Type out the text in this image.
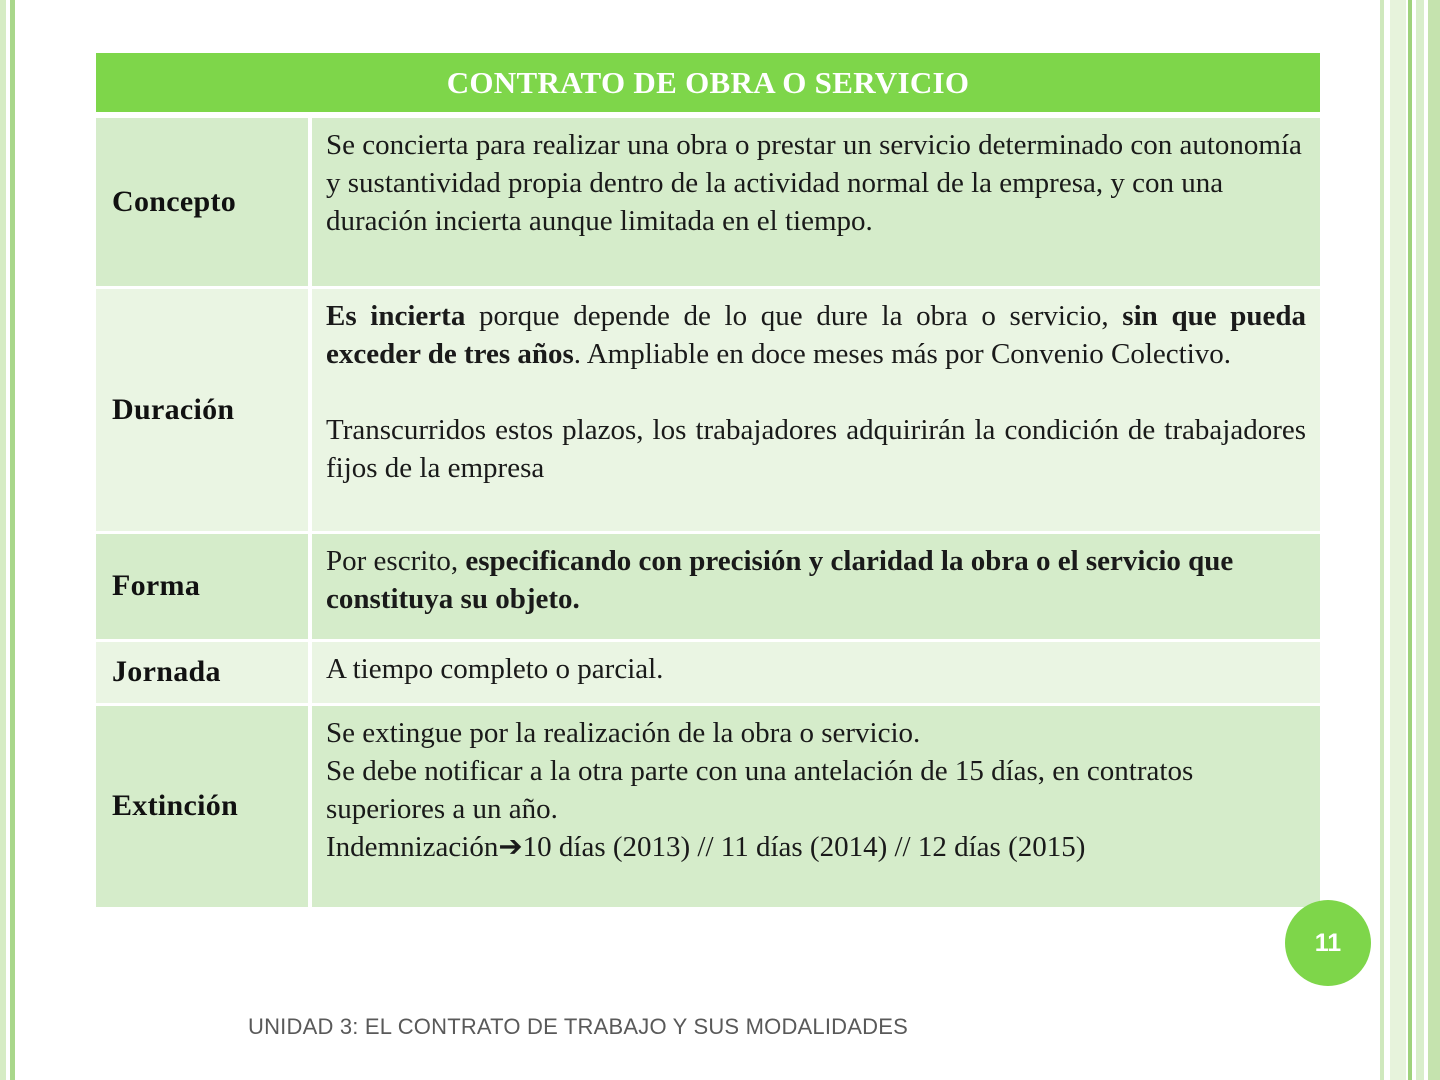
CONTRATO DE OBRA O SERVICIO	
Concepto	Se concierta para realizar una obra o prestar un servicio determinado con autonomía y sustantividad propia dentro de la actividad normal de la empresa, y con una duración incierta aunque limitada en el tiempo.

Duración	Es incierta porque depende de lo que dure la obra o servicio, sin que pueda exceder de tres años. Ampliable en doce meses más por Convenio Colectivo.

Transcurridos estos plazos, los trabajadores adquirirán la condición de trabajadores fijos de la empresa

Forma	Por escrito, especificando con precisión y claridad la obra o el servicio que constituya su objeto.

Jornada	A tiempo completo o parcial.

Extinción	Se extingue por la realización de la obra o servicio.

Se debe notificar a la otra parte con una antelación de 15 días, en contratos superiores a un año.

Indemnización➔10 días (2013) // 11 días (2014) // 12 días (2015)

11
UNIDAD 3: EL CONTRATO DE TRABAJO Y SUS MODALIDADES
